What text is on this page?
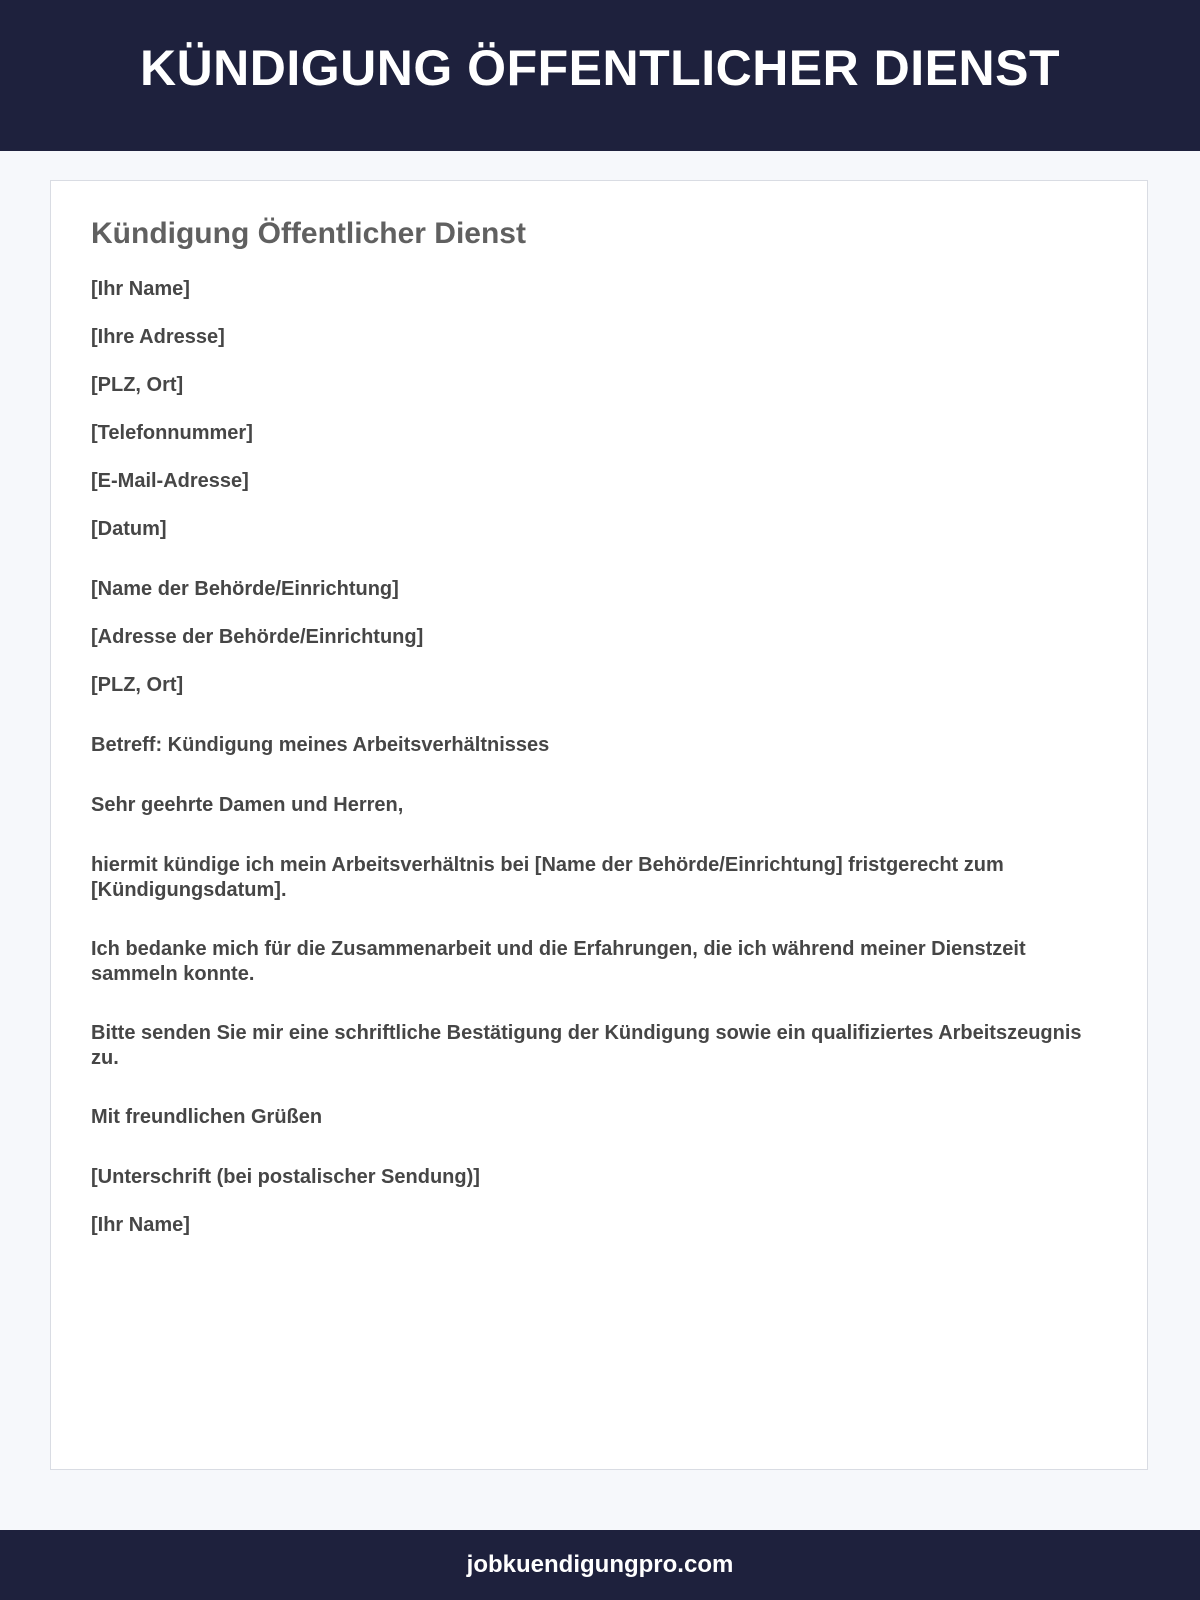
KÜNDIGUNG ÖFFENTLICHER DIENST
Kündigung Öffentlicher Dienst

[Ihr Name]

[Ihre Adresse]

[PLZ, Ort]

[Telefonnummer]

[E-Mail-Adresse]

[Datum]

[Name der Behörde/Einrichtung]

[Adresse der Behörde/Einrichtung]

[PLZ, Ort]

Betreff: Kündigung meines Arbeitsverhältnisses

Sehr geehrte Damen und Herren,

hiermit kündige ich mein Arbeitsverhältnis bei [Name der Behörde/Einrichtung] fristgerecht zum [Kündigungsdatum].

Ich bedanke mich für die Zusammenarbeit und die Erfahrungen, die ich während meiner Dienstzeit sammeln konnte.

Bitte senden Sie mir eine schriftliche Bestätigung der Kündigung sowie ein qualifiziertes Arbeitszeugnis zu.

Mit freundlichen Grüßen

[Unterschrift (bei postalischer Sendung)]

[Ihr Name]

jobkuendigungpro.com
